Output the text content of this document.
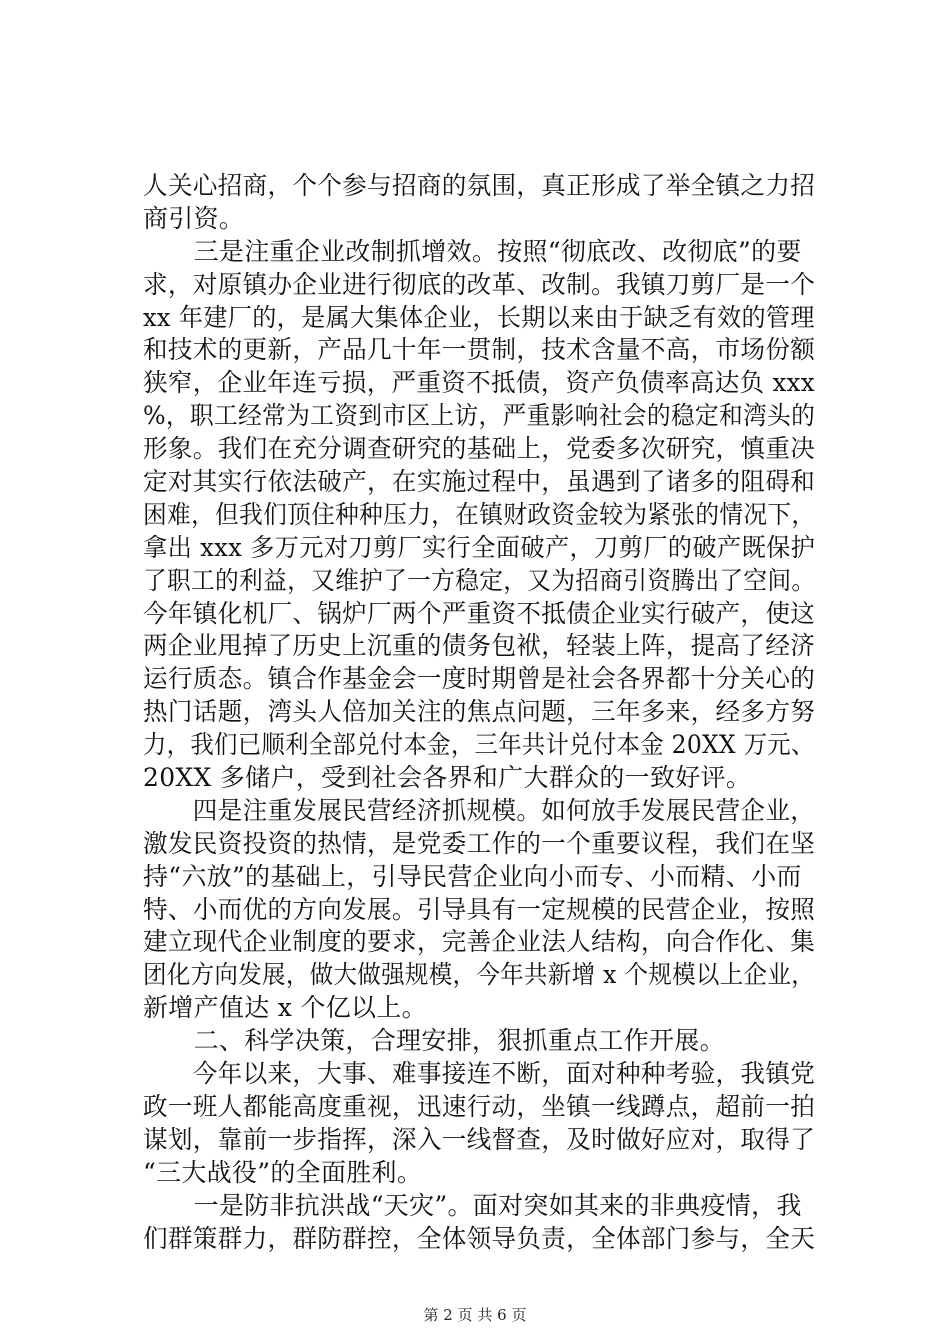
人关心招商，个个参与招商的氛围，真正形成了举全镇之力招
商引资。
　　三是注重企业改制抓增效。按照“彻底改、改彻底”的要
求，对原镇办企业进行彻底的改革、改制。我镇刀剪厂是一个
xx 年建厂的，是属大集体企业，长期以来由于缺乏有效的管理
和技术的更新，产品几十年一贯制，技术含量不高，市场份额
狭窄，企业年连亏损，严重资不抵债，资产负债率高达负 xxx
%，职工经常为工资到市区上访，严重影响社会的稳定和湾头的
形象。我们在充分调查研究的基础上，党委多次研究，慎重决
定对其实行依法破产，在实施过程中，虽遇到了诸多的阻碍和
困难，但我们顶住种种压力，在镇财政资金较为紧张的情况下，
拿出 xxx 多万元对刀剪厂实行全面破产，刀剪厂的破产既保护
了职工的利益，又维护了一方稳定，又为招商引资腾出了空间。
今年镇化机厂、锅炉厂两个严重资不抵债企业实行破产，使这
两企业甩掉了历史上沉重的债务包袱，轻装上阵，提高了经济
运行质态。镇合作基金会一度时期曾是社会各界都十分关心的
热门话题，湾头人倍加关注的焦点问题，三年多来，经多方努
力，我们已顺利全部兑付本金，三年共计兑付本金 20XX 万元、
20XX 多储户，受到社会各界和广大群众的一致好评。
　　四是注重发展民营经济抓规模。如何放手发展民营企业，
激发民资投资的热情，是党委工作的一个重要议程，我们在坚
持“六放”的基础上，引导民营企业向小而专、小而精、小而
特、小而优的方向发展。引导具有一定规模的民营企业，按照
建立现代企业制度的要求，完善企业法人结构，向合作化、集
团化方向发展，做大做强规模，今年共新增 x 个规模以上企业，
新增产值达 x 个亿以上。
　　二、科学决策，合理安排，狠抓重点工作开展。
　　今年以来，大事、难事接连不断，面对种种考验，我镇党
政一班人都能高度重视，迅速行动，坐镇一线蹲点，超前一拍
谋划，靠前一步指挥，深入一线督查，及时做好应对，取得了
“三大战役”的全面胜利。
　　一是防非抗洪战“天灾”。面对突如其来的非典疫情，我
们群策群力，群防群控，全体领导负责，全体部门参与，全天
第 2 页 共 6 页
